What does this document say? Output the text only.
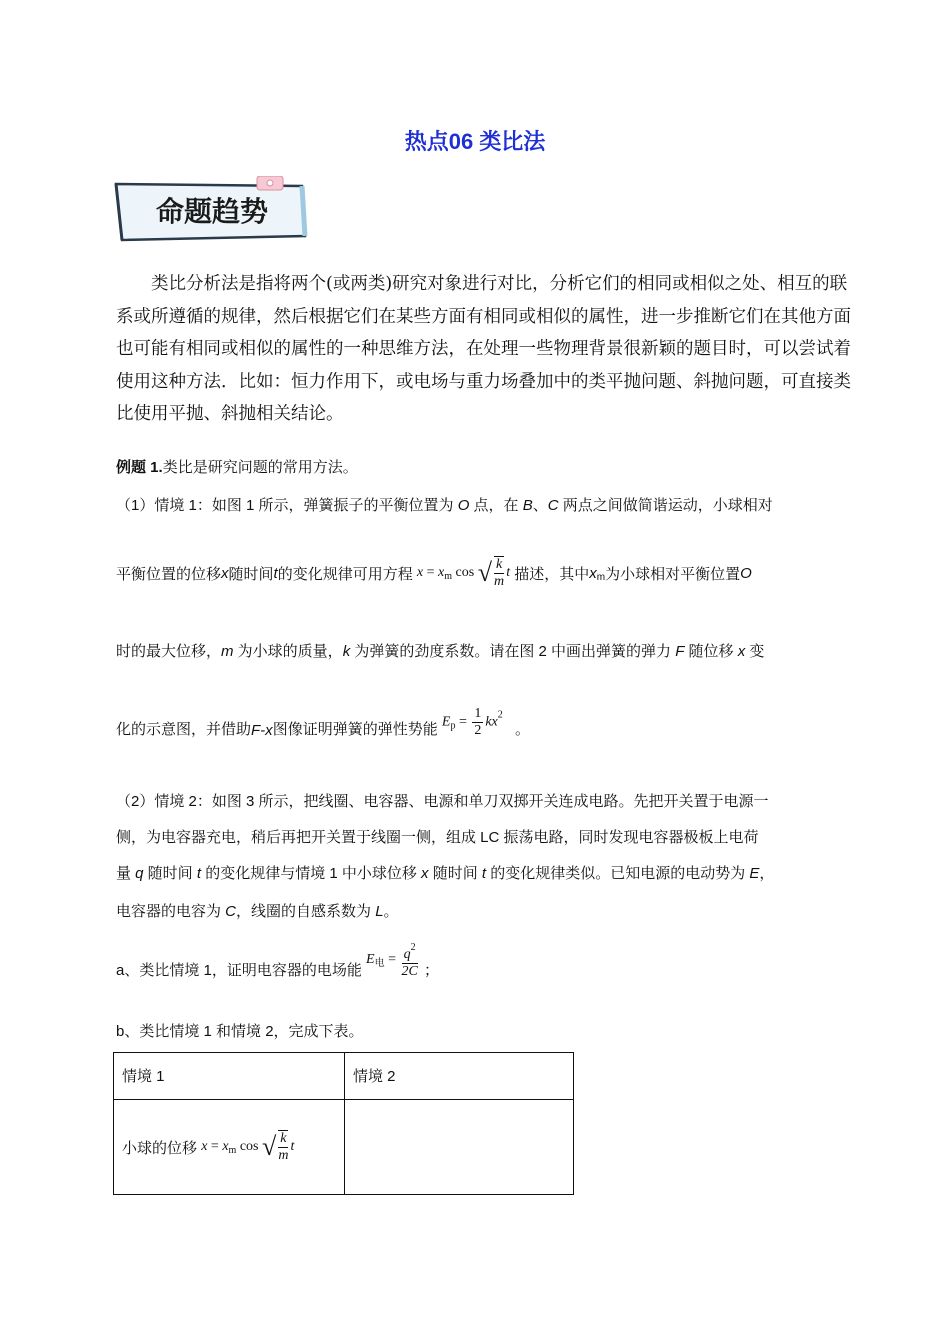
热点06 类比法
命题趋势

类比分析法是指将两个(或两类)研究对象进行对比，分析它们的相同或相似之处、相互的联系或所遵循的规律，然后根据它们在某些方面有相同或相似的属性，进一步推断它们在其他方面也可能有相同或相似的属性的一种思维方法，在处理一些物理背景很新颖的题目时，可以尝试着使用这种方法．比如：恒力作用下，或电场与重力场叠加中的类平抛问题、斜抛问题，可直接类比使用平抛、斜抛相关结论。

例题 1.类比是研究问题的常用方法。
（1）情境 1：如图 1 所示，弹簧振子的平衡位置为 O 点，在 B、C 两点之间做简谐运动，小球相对
平衡位置的位移x随时间t的变化规律可用方程 $x = x_m$ cos √ $\frac{k}{m}$ t 描述，其中$x_m$为小球相对平衡位置O
时的最大位移，m 为小球的质量，k 为弹簧的劲度系数。请在图 2 中画出弹簧的弹力 F 随位移 x 变
化的示意图，并借助F-x图像证明弹簧的弹性势能 $E_p = \frac{1}{2} kx^2$ 。
（2）情境 2：如图 3 所示，把线圈、电容器、电源和单刀双掷开关连成电路。先把开关置于电源一
侧，为电容器充电，稍后再把开关置于线圈一侧，组成 LC 振荡电路，同时发现电容器极板上电荷
量 q 随时间 t 的变化规律与情境 1 中小球位移 x 随时间 t 的变化规律类似。已知电源的电动势为 E，
电容器的电容为 C，线圈的自感系数为 L。
a、类比情境 1，证明电容器的电场能 $E_电 = \frac{q^2}{2C}$ ；
b、类比情境 1 和情境 2，完成下表。
情境 1	情境 2
小球的位移 $x = x_m$ cos √ $\frac{k}{m}$ t	
